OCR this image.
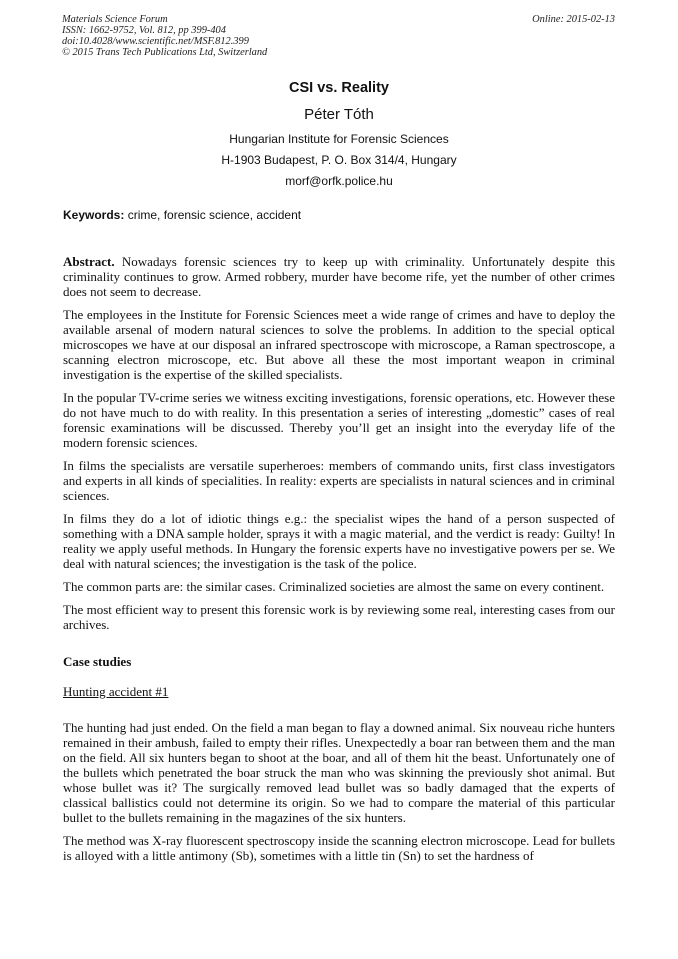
Materials Science Forum
ISSN: 1662-9752, Vol. 812, pp 399-404
doi:10.4028/www.scientific.net/MSF.812.399
© 2015 Trans Tech Publications Ltd, Switzerland
Online: 2015-02-13
CSI vs. Reality
Péter Tóth
Hungarian Institute for Forensic Sciences
H-1903 Budapest, P. O. Box 314/4, Hungary
morf@orfk.police.hu
Keywords: crime, forensic science, accident

Abstract. Nowadays forensic sciences try to keep up with criminality. Unfortunately despite this criminality continues to grow. Armed robbery, murder have become rife, yet the number of other crimes does not seem to decrease.

The employees in the Institute for Forensic Sciences meet a wide range of crimes and have to deploy the available arsenal of modern natural sciences to solve the problems. In addition to the special optical microscopes we have at our disposal an infrared spectroscope with microscope, a Raman spectroscope, a scanning electron microscope, etc. But above all these the most important weapon in criminal investigation is the expertise of the skilled specialists.

In the popular TV-crime series we witness exciting investigations, forensic operations, etc. However these do not have much to do with reality. In this presentation a series of interesting „domestic” cases of real forensic examinations will be discussed. Thereby you’ll get an insight into the everyday life of the modern forensic sciences.

In films the specialists are versatile superheroes: members of commando units, first class investigators and experts in all kinds of specialities. In reality: experts are specialists in natural sciences and in criminal sciences.

In films they do a lot of idiotic things e.g.: the specialist wipes the hand of a person suspected of something with a DNA sample holder, sprays it with a magic material, and the verdict is ready: Guilty! In reality we apply useful methods. In Hungary the forensic experts have no investigative powers per se. We deal with natural sciences; the investigation is the task of the police.

The common parts are: the similar cases. Criminalized societies are almost the same on every continent.

The most efficient way to present this forensic work is by reviewing some real, interesting cases from our archives.

Case studies
Hunting accident #1

The hunting had just ended. On the field a man began to flay a downed animal. Six nouveau riche hunters remained in their ambush, failed to empty their rifles. Unexpectedly a boar ran between them and the man on the field. All six hunters began to shoot at the boar, and all of them hit the beast. Unfortunately one of the bullets which penetrated the boar struck the man who was skinning the previously shot animal. But whose bullet was it? The surgically removed lead bullet was so badly damaged that the experts of classical ballistics could not determine its origin. So we had to compare the material of this particular bullet to the bullets remaining in the magazines of the six hunters.

The method was X-ray fluorescent spectroscopy inside the scanning electron microscope. Lead for bullets is alloyed with a little antimony (Sb), sometimes with a little tin (Sn) to set the hardness of
